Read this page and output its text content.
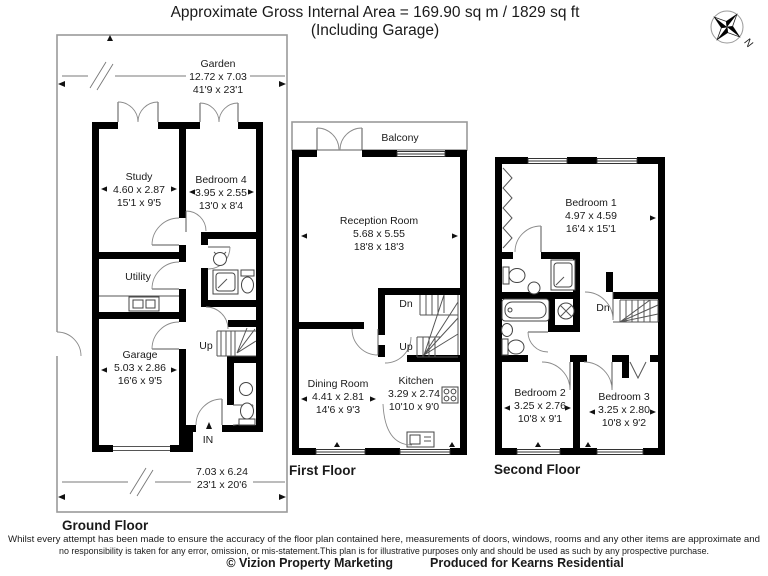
Approximate Gross Internal Area = 169.90 sq m / 1829 sq ft
(Including Garage)
N
Garden
12.72 x 7.03
41'9 x 23'1
Up
IN
Study
4.60 x 2.87
15'1 x 9'5
Bedroom 4
3.95 x 2.55
13'0 x 8'4
Utility
Garage
5.03 x 2.86
16'6 x 9'5
7.03 x 6.24
23'1 x 20'6
Ground Floor
Balcony
Dn
Up
Reception Room
5.68 x 5.55
18'8 x 18'3
Dining Room
4.41 x 2.81
14'6 x 9'3
Kitchen
3.29 x 2.74
10'10 x 9'0
First Floor
Dn
Bedroom 1
4.97 x 4.59
16'4 x 15'1
Bedroom 2
3.25 x 2.76
10'8 x 9'1
Bedroom 3
3.25 x 2.80
10'8 x 9'2
Second Floor
Whilst every attempt has been made to ensure the accuracy of the floor plan contained here, measurements of doors, windows, rooms and any other items are approximate and
no responsibility is taken for any error, omission, or mis-statement.This plan is for illustrative purposes only and should be used as such by any prospective purchase.
© Vizion Property Marketing	Produced for Kearns Residential
